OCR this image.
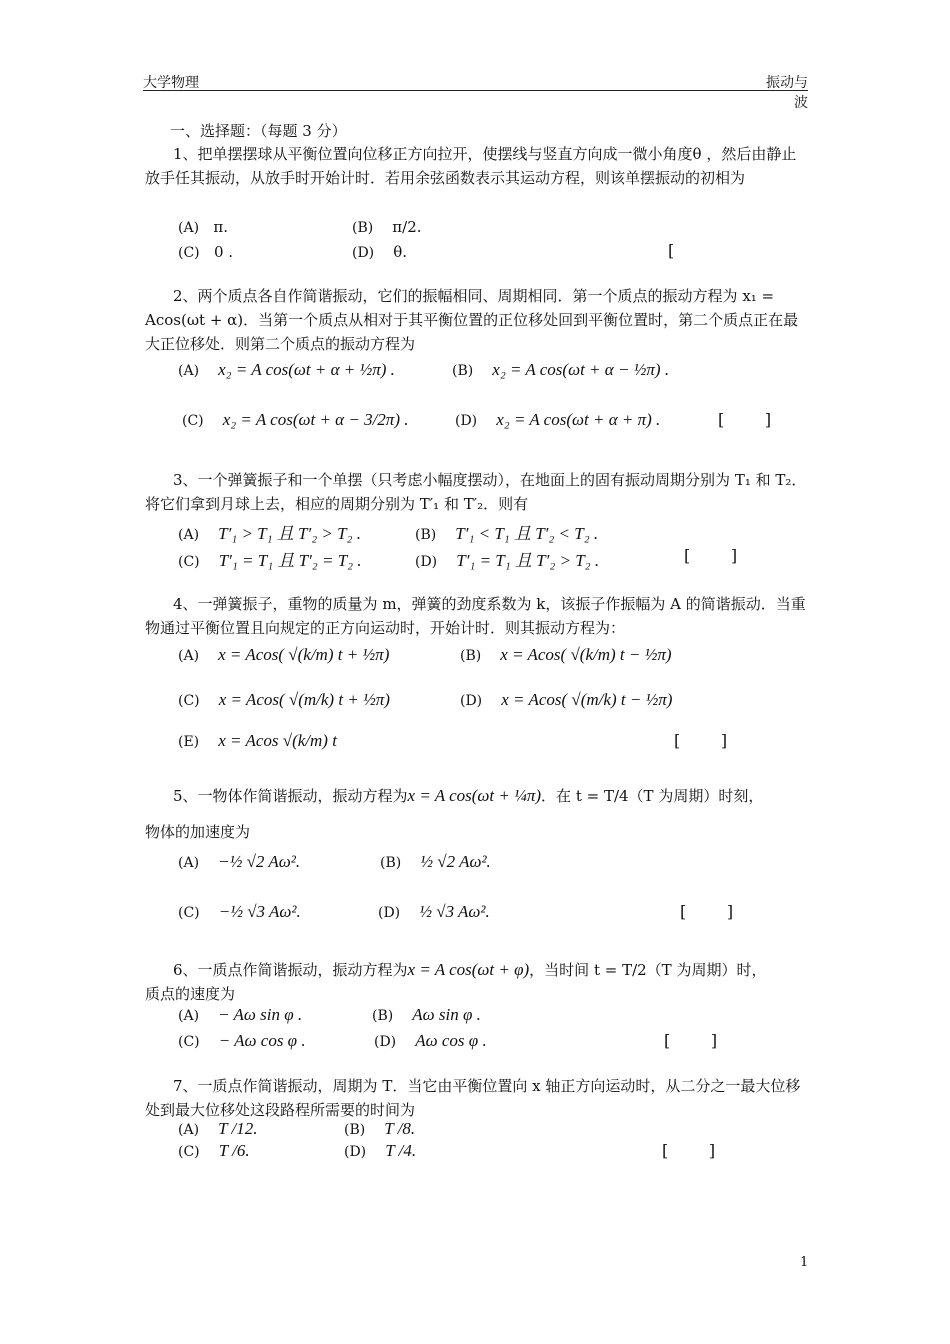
大学物理	振动与波
一、选择题：（每题 3 分）
1、把单摆摆球从平衡位置向位移正方向拉开，使摆线与竖直方向成一微小角度θ ，然后由静止放手任其振动，从放手时开始计时．若用余弦函数表示其运动方程，则该单摆振动的初相为
(A) π.	(B) π/2.
(C) 0 .	(D) θ.	[
2、两个质点各自作简谐振动，它们的振幅相同、周期相同．第一个质点的振动方程为 x₁ = Acos(ωt + α)．当第一个质点从相对于其平衡位置的正位移处回到平衡位置时，第二个质点正在最大正位移处．则第二个质点的振动方程为
(A) x₂ = A cos(ωt + α + ½π) .	(B) x₂ = A cos(ωt + α − ½π) .
(C) x₂ = A cos(ωt + α − 3/2π) .	(D) x₂ = A cos(ωt + α + π) .	[        ]
3、一个弹簧振子和一个单摆（只考虑小幅度摆动），在地面上的固有振动周期分别为 T₁ 和 T₂．将它们拿到月球上去，相应的周期分别为 T′₁ 和 T′₂．则有
(A) T′₁ > T₁ 且 T′₂ > T₂ .	(B) T′₁ < T₁ 且 T′₂ < T₂ .
(C) T′₁ = T₁ 且 T′₂ = T₂ .	(D) T′₁ = T₁ 且 T′₂ > T₂ .	[        ]
4、一弹簧振子，重物的质量为 m，弹簧的劲度系数为 k，该振子作振幅为 A 的简谐振动．当重物通过平衡位置且向规定的正方向运动时，开始计时．则其振动方程为：
(A) x = Acos( √(k/m) t + ½π)	(B) x = Acos( √(k/m) t − ½π)
(C) x = Acos( √(m/k) t + ½π)	(D) x = Acos( √(m/k) t − ½π)
(E) x = Acos √(k/m) t	[        ]
5、一物体作简谐振动，振动方程为x = A cos(ωt + ¼π)．在 t = T/4（T 为周期）时刻，
物体的加速度为
(A) −½ √2 Aω².	(B) ½ √2 Aω².
(C) −½ √3 Aω².	(D) ½ √3 Aω².	[        ]
6、一质点作简谐振动，振动方程为x = A cos(ωt + φ)，当时间 t = T/2（T 为周期）时，
质点的速度为
(A) − Aω sin φ .	(B) Aω sin φ .
(C) − Aω cos φ .	(D) Aω cos φ .	[        ]
7、一质点作简谐振动，周期为 T．当它由平衡位置向 x 轴正方向运动时，从二分之一最大位移处到最大位移处这段路程所需要的时间为
(A) T /12.	(B) T /8.
(C) T /6.	(D) T /4.	[        ]
1
